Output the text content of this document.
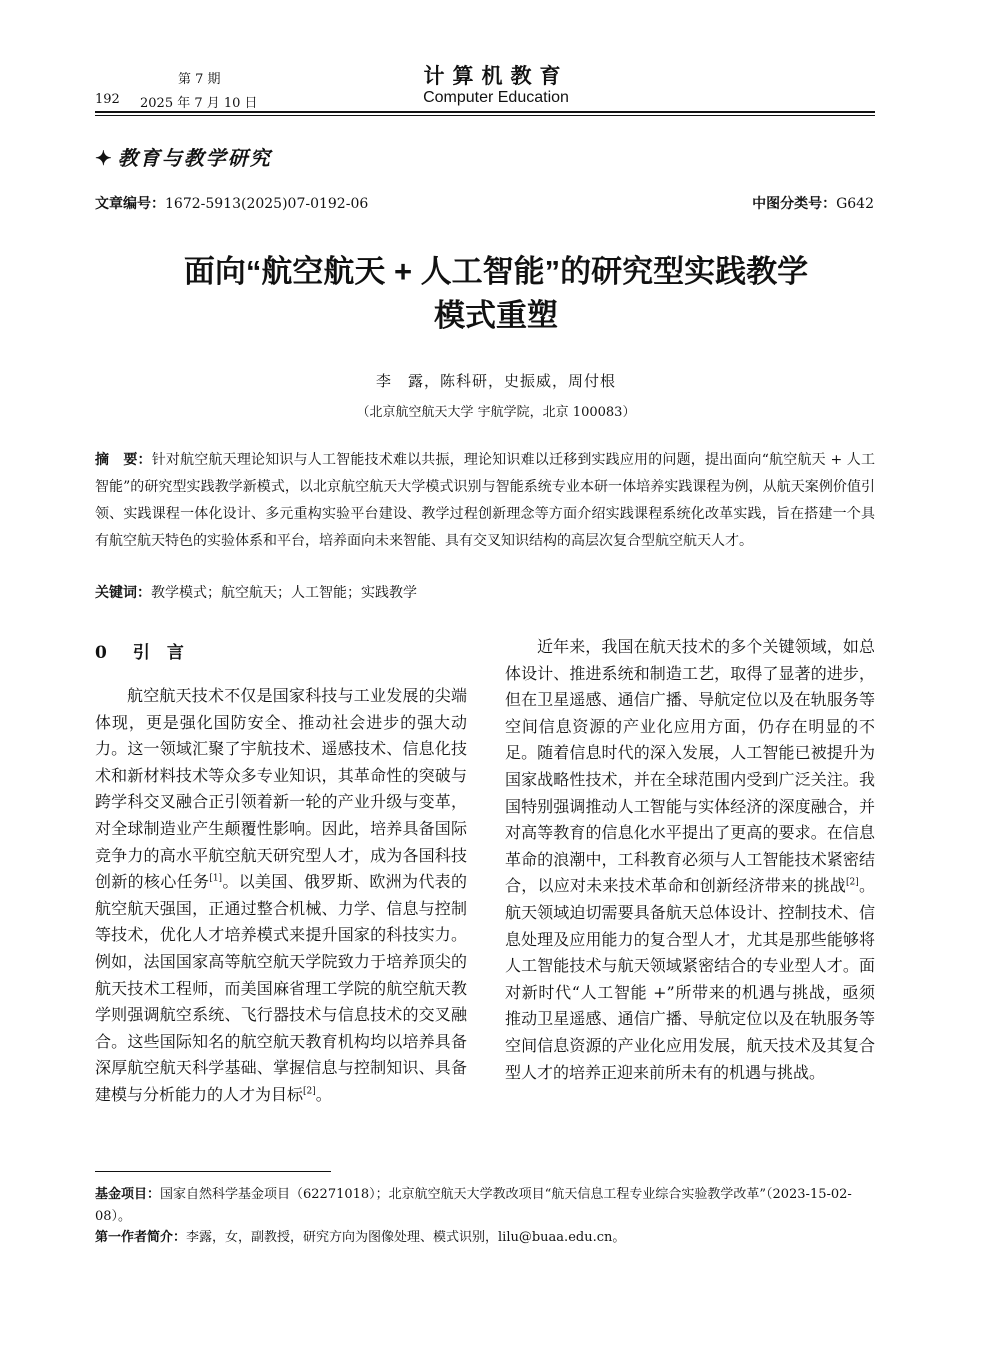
第 7 期
192 2025 年 7 月 10 日
计算机教育
Computer Education
✦ 教育与教学研究
文章编号：1672-5913(2025)07-0192-06	中图分类号：G642
面向“航空航天 + 人工智能”的研究型实践教学
模式重塑
李　露，陈科研，史振威，周付根
（北京航空航天大学 宇航学院，北京 100083）
摘　要：针对航空航天理论知识与人工智能技术难以共振，理论知识难以迁移到实践应用的问题，提出面向“航空航天 + 人工智能”的研究型实践教学新模式，以北京航空航天大学模式识别与智能系统专业本研一体培养实践课程为例，从航天案例价值引领、实践课程一体化设计、多元重构实验平台建设、教学过程创新理念等方面介绍实践课程系统化改革实践，旨在搭建一个具有航空航天特色的实验体系和平台，培养面向未来智能、具有交叉知识结构的高层次复合型航空航天人才。
关键词：教学模式；航空航天；人工智能；实践教学
0 引　言

航空航天技术不仅是国家科技与工业发展的尖端体现，更是强化国防安全、推动社会进步的强大动力。这一领域汇聚了宇航技术、遥感技术、信息化技术和新材料技术等众多专业知识，其革命性的突破与跨学科交叉融合正引领着新一轮的产业升级与变革，对全球制造业产生颠覆性影响。因此，培养具备国际竞争力的高水平航空航天研究型人才，成为各国科技创新的核心任务[1]。以美国、俄罗斯、欧洲为代表的航空航天强国，正通过整合机械、力学、信息与控制等技术，优化人才培养模式来提升国家的科技实力。例如，法国国家高等航空航天学院致力于培养顶尖的航天技术工程师，而美国麻省理工学院的航空航天教学则强调航空系统、飞行器技术与信息技术的交叉融合。这些国际知名的航空航天教育机构均以培养具备深厚航空航天科学基础、掌握信息与控制知识、具备建模与分析能力的人才为目标[2]。

近年来，我国在航天技术的多个关键领域，如总体设计、推进系统和制造工艺，取得了显著的进步，但在卫星遥感、通信广播、导航定位以及在轨服务等空间信息资源的产业化应用方面，仍存在明显的不足。随着信息时代的深入发展，人工智能已被提升为国家战略性技术，并在全球范围内受到广泛关注。我国特别强调推动人工智能与实体经济的深度融合，并对高等教育的信息化水平提出了更高的要求。在信息革命的浪潮中，工科教育必须与人工智能技术紧密结合，以应对未来技术革命和创新经济带来的挑战[2]。航天领域迫切需要具备航天总体设计、控制技术、信息处理及应用能力的复合型人才，尤其是那些能够将人工智能技术与航天领域紧密结合的专业型人才。面对新时代“人工智能 +”所带来的机遇与挑战，亟须推动卫星遥感、通信广播、导航定位以及在轨服务等空间信息资源的产业化应用发展，航天技术及其复合型人才的培养正迎来前所未有的机遇与挑战。

基金项目：国家自然科学基金项目（62271018）；北京航空航天大学教改项目“航天信息工程专业综合实验教学改革”（2023-15-02-08）。
第一作者简介：李露，女，副教授，研究方向为图像处理、模式识别，lilu@buaa.edu.cn。
